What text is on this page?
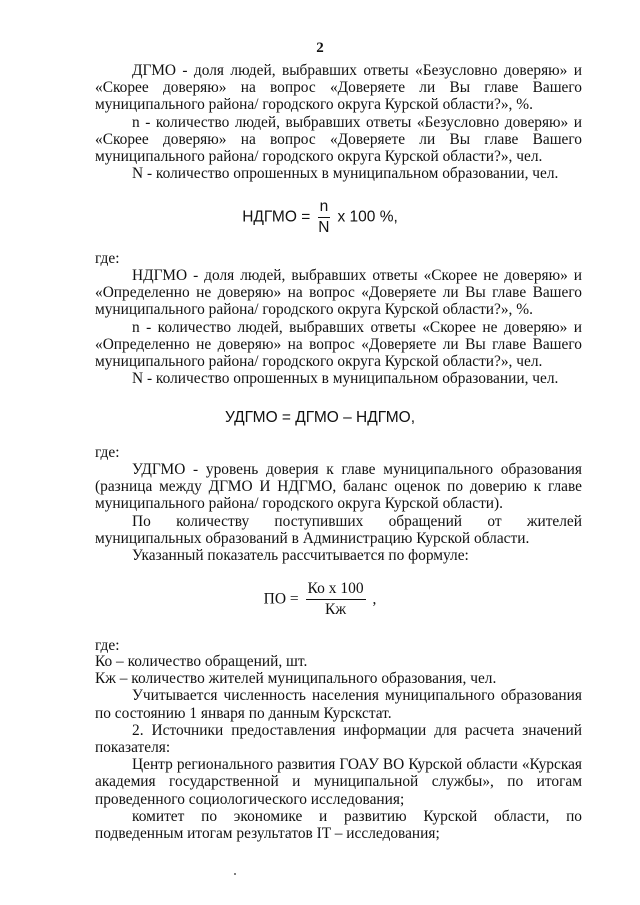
2

ДГМО - доля людей, выбравших ответы «Безусловно доверяю» и «Скорее доверяю» на вопрос «Доверяете ли Вы главе Вашего муниципального района/ городского округа Курской области?», %.

n - количество людей, выбравших ответы «Безусловно доверяю» и «Скорее доверяю» на вопрос «Доверяете ли Вы главе Вашего муниципального района/ городского округа Курской области?», чел.

N - количество опрошенных в муниципальном образовании, чел.

НДГМО = $\frac{n}{N}$ x 100 %,

где:

НДГМО - доля людей, выбравших ответы «Скорее не доверяю» и «Определенно не доверяю» на вопрос «Доверяете ли Вы главе Вашего муниципального района/ городского округа Курской области?», %.

n - количество людей, выбравших ответы «Скорее не доверяю» и «Определенно не доверяю» на вопрос «Доверяете ли Вы главе Вашего муниципального района/ городского округа Курской области?», чел.

N - количество опрошенных в муниципальном образовании, чел.

УДГМО = ДГМО – НДГМО,

где:

УДГМО - уровень доверия к главе муниципального образования (разница между ДГМО И НДГМО, баланс оценок по доверию к главе муниципального района/ городского округа Курской области).

По количеству поступивших обращений от жителей муниципальных образований в Администрацию Курской области.

Указанный показатель рассчитывается по формуле:

ПО = $\frac{\text{Ко х 100}}{Кж}$ ,

где:

Ко – количество обращений, шт.

Кж – количество жителей муниципального образования, чел.

Учитывается численность населения муниципального образования по состоянию 1 января по данным Курскстат.

2. Источники предоставления информации для расчета значений показателя:

Центр регионального развития ГОАУ ВО Курской области «Курская академия государственной и муниципальной службы», по итогам проведенного социологического исследования;

комитет по экономике и развитию Курской области, по подведенным итогам результатов IT – исследования;
